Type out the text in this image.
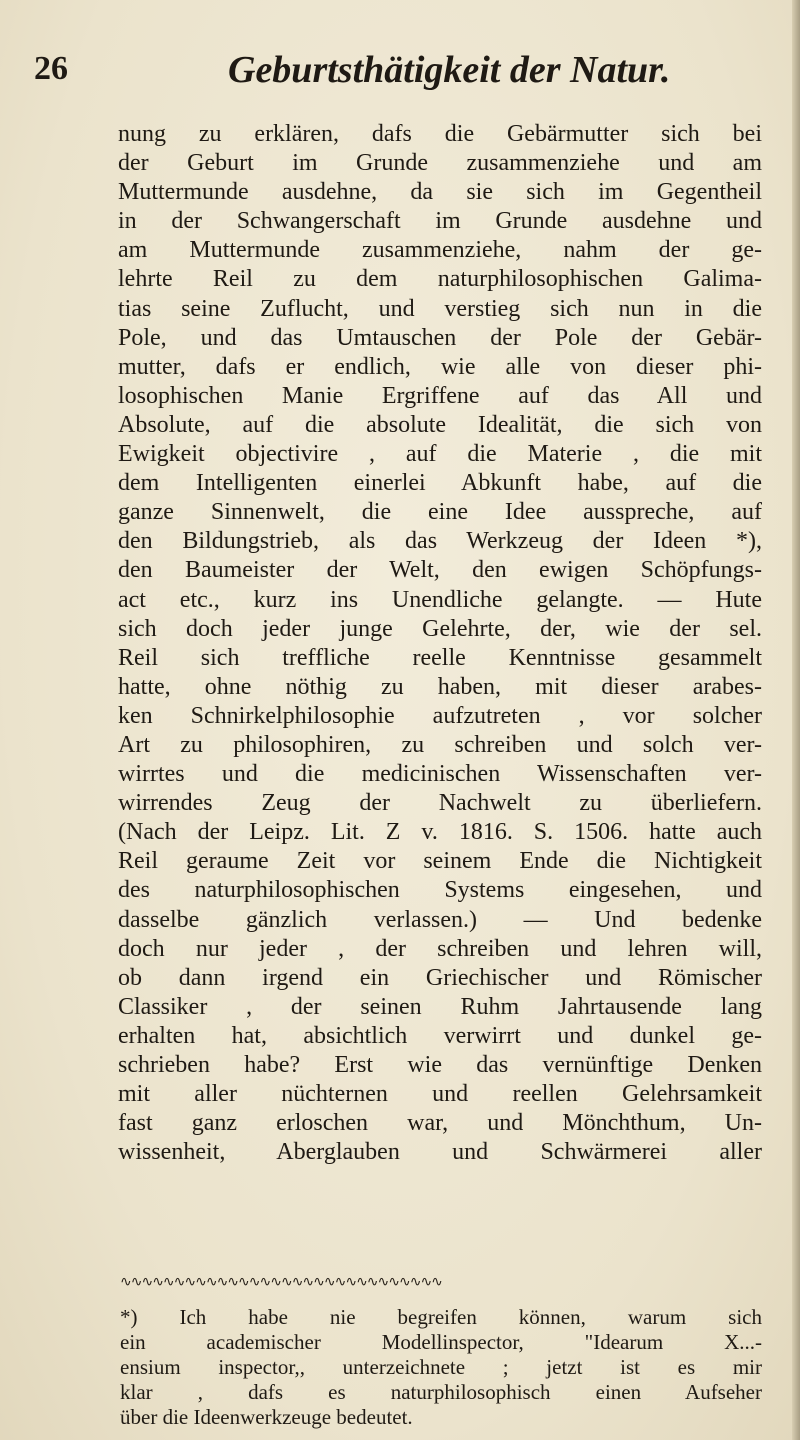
26	Geburtsthätigkeit der Natur.
nung zu erklären, dafs die Gebärmutter sich bei
der Geburt im Grunde zusammenziehe und am
Muttermunde ausdehne, da sie sich im Gegentheil
in der Schwangerschaft im Grunde ausdehne und
am Muttermunde zusammenziehe, nahm der ge-
lehrte Reil zu dem naturphilosophischen Galima-
tias seine Zuflucht, und verstieg sich nun in die
Pole, und das Umtauschen der Pole der Gebär-
mutter, dafs er endlich, wie alle von dieser phi-
losophischen Manie Ergriffene auf das All und
Absolute, auf die absolute Idealität, die sich von
Ewigkeit objectivire , auf die Materie , die mit
dem Intelligenten einerlei Abkunft habe, auf die
ganze Sinnenwelt, die eine Idee ausspreche, auf
den Bildungstrieb, als das Werkzeug der Ideen *),
den Baumeister der Welt, den ewigen Schöpfungs-
act etc., kurz ins Unendliche gelangte. — Hute
sich doch jeder junge Gelehrte, der, wie der sel.
Reil sich treffliche reelle Kenntnisse gesammelt
hatte, ohne nöthig zu haben, mit dieser arabes-
ken Schnirkelphilosophie aufzutreten , vor solcher
Art zu philosophiren, zu schreiben und solch ver-
wirrtes und die medicinischen Wissenschaften ver-
wirrendes Zeug der Nachwelt zu überliefern.
(Nach der Leipz. Lit. Z v. 1816. S. 1506. hatte auch
Reil geraume Zeit vor seinem Ende die Nichtigkeit
des naturphilosophischen Systems eingesehen, und
dasselbe gänzlich verlassen.) — Und bedenke
doch nur jeder , der schreiben und lehren will,
ob dann irgend ein Griechischer und Römischer
Classiker , der seinen Ruhm Jahrtausende lang
erhalten hat, absichtlich verwirrt und dunkel ge-
schrieben habe? Erst wie das vernünftige Denken
mit aller nüchternen und reellen Gelehrsamkeit
fast ganz erloschen war, und Mönchthum, Un-
wissenheit, Aberglauben und Schwärmerei aller
∿∿∿∿∿∿∿∿∿∿∿∿∿∿∿∿∿∿∿∿∿∿∿∿∿∿∿∿∿∿
*) Ich habe nie begreifen können, warum sich
ein academischer Modellinspector, "Idearum X...-
ensium inspector,, unterzeichnete ; jetzt ist es mir
klar , dafs es naturphilosophisch einen Aufseher
über die Ideenwerkzeuge bedeutet.
